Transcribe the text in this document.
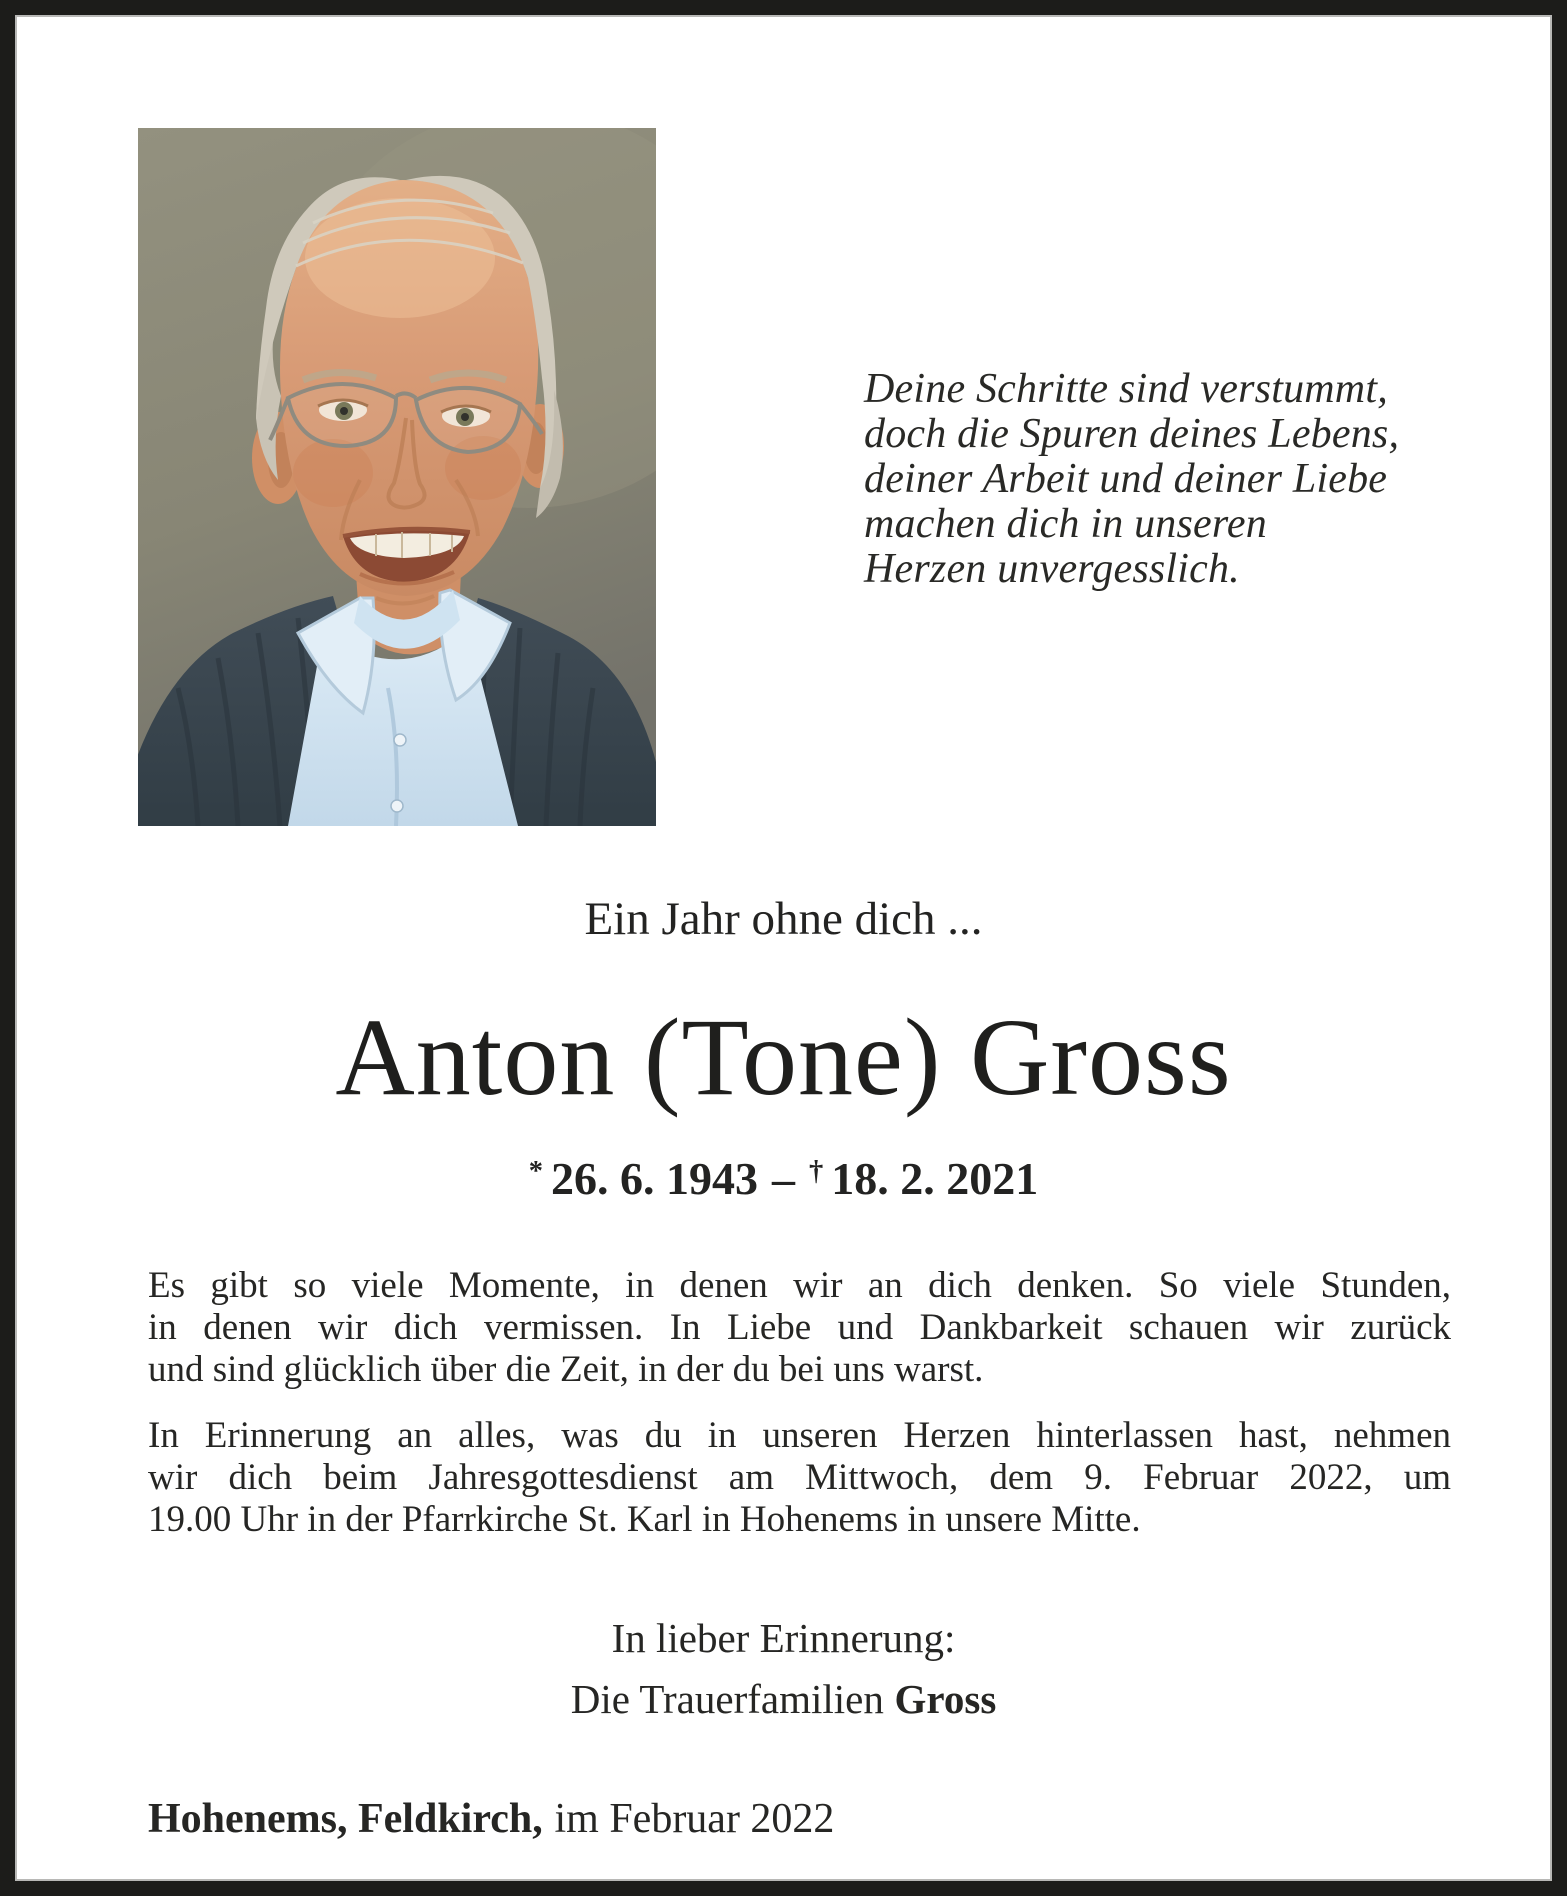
Deine Schritte sind verstummt,
doch die Spuren deines Lebens,
deiner Arbeit und deiner Liebe
machen dich in unseren
Herzen unvergesslich.
Ein Jahr ohne dich ...
Anton (Tone) Gross
* 26. 6. 1943 – † 18. 2. 2021
Es gibt so viele Momente, in denen wir an dich denken. So viele Stunden,
in denen wir dich vermissen. In Liebe und Dankbarkeit schauen wir zurück
und sind glücklich über die Zeit, in der du bei uns warst.
In Erinnerung an alles, was du in unseren Herzen hinterlassen hast, nehmen
wir dich beim Jahresgottesdienst am Mittwoch, dem 9. Februar 2022, um
19.00 Uhr in der Pfarrkirche St. Karl in Hohenems in unsere Mitte.
In lieber Erinnerung:
Die Trauerfamilien Gross
Hohenems, Feldkirch, im Februar 2022
